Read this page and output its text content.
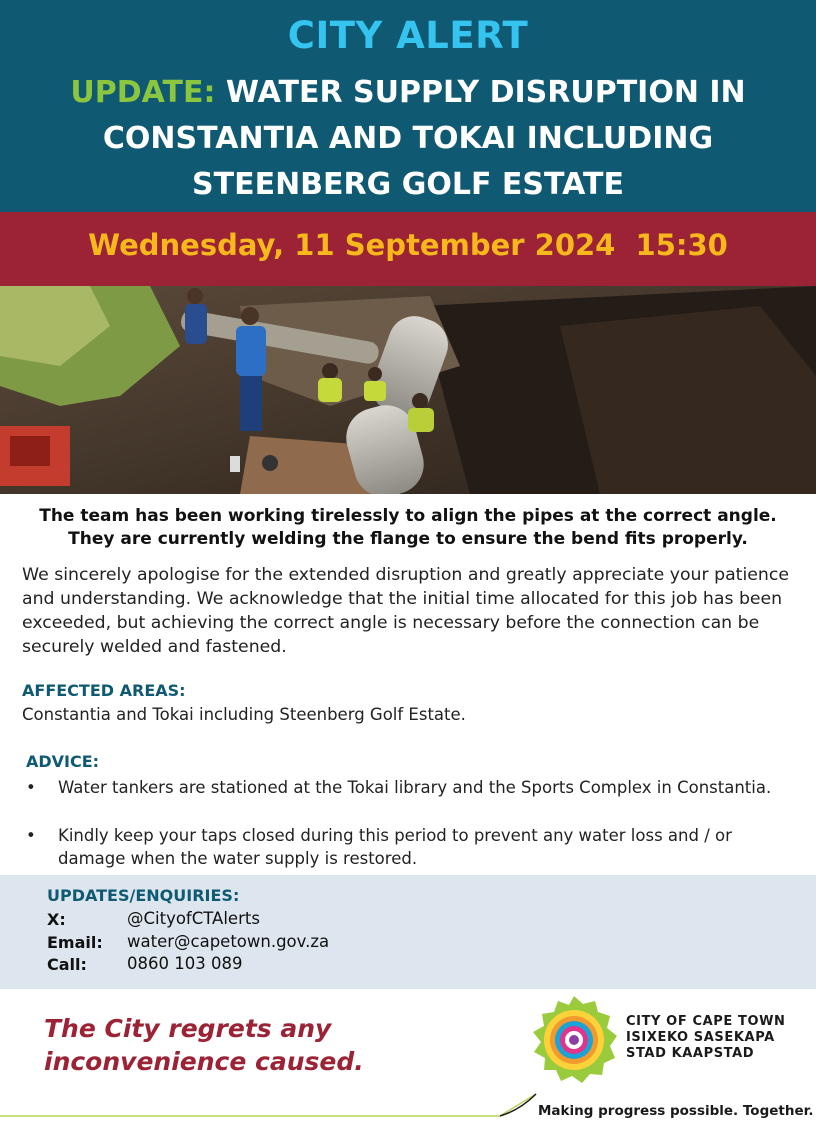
CITY ALERT
UPDATE: WATER SUPPLY DISRUPTION IN CONSTANTIA AND TOKAI INCLUDING STEENBERG GOLF ESTATE
Wednesday, 11 September 2024  15:30
The team has been working tirelessly to align the pipes at the correct angle.
They are currently welding the flange to ensure the bend fits properly.
We sincerely apologise for the extended disruption and greatly appreciate your patience and understanding. We acknowledge that the initial time allocated for this job has been exceeded, but achieving the correct angle is necessary before the connection can be securely welded and fastened.
AFFECTED AREAS:
Constantia and Tokai including Steenberg Golf Estate.
ADVICE:
• Water tankers are stationed at the Tokai library and the Sports Complex in Constantia.
• Kindly keep your taps closed during this period to prevent any water loss and / or damage when the water supply is restored.
UPDATES/ENQUIRIES:
X:	@CityofCTAlerts
Email: water@capetown.gov.za
Call: 0860 103 089
The City regrets any
inconvenience caused.
CITY OF CAPE TOWN
ISIXEKO SASEKAPA
STAD KAAPSTAD
Making progress possible. Together.
